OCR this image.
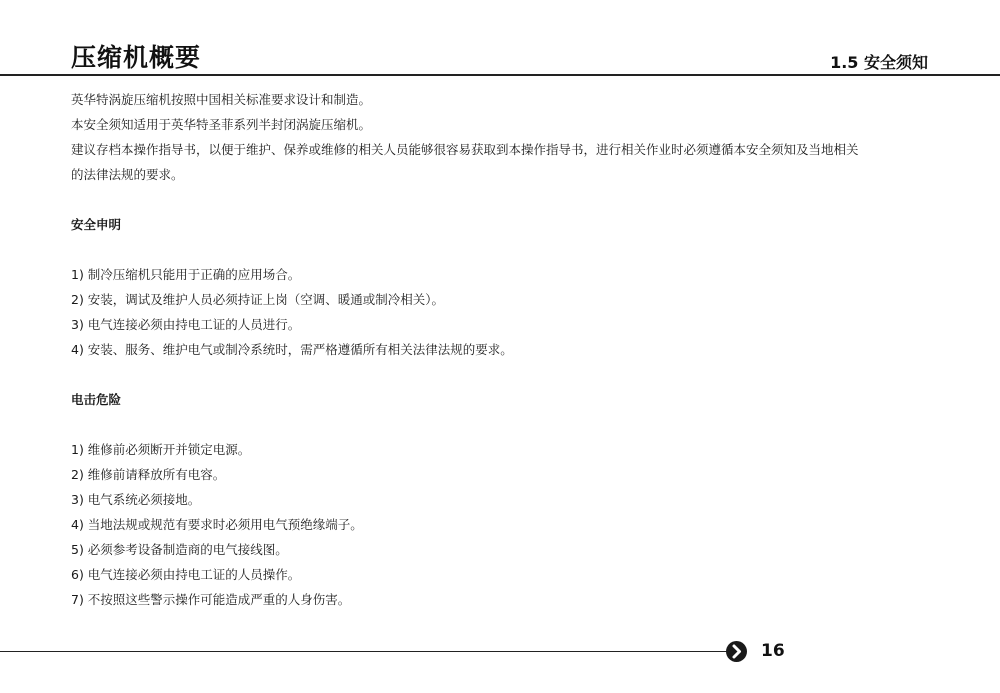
压缩机概要	1.5 安全须知

英华特涡旋压缩机按照中国相关标准要求设计和制造。

本安全须知适用于英华特圣菲系列半封闭涡旋压缩机。

建议存档本操作指导书，以便于维护、保养或维修的相关人员能够很容易获取到本操作指导书，进行相关作业时必须遵循本安全须知及当地相关

的法律法规的要求。

安全申明

1) 制冷压缩机只能用于正确的应用场合。

2) 安装，调试及维护人员必须持证上岗（空调、暖通或制冷相关）。

3) 电气连接必须由持电工证的人员进行。

4) 安装、服务、维护电气或制冷系统时，需严格遵循所有相关法律法规的要求。

电击危险

1) 维修前必须断开并锁定电源。

2) 维修前请释放所有电容。

3) 电气系统必须接地。

4) 当地法规或规范有要求时必须用电气预绝缘端子。

5) 必须参考设备制造商的电气接线图。

6) 电气连接必须由持电工证的人员操作。

7) 不按照这些警示操作可能造成严重的人身伤害。

16
